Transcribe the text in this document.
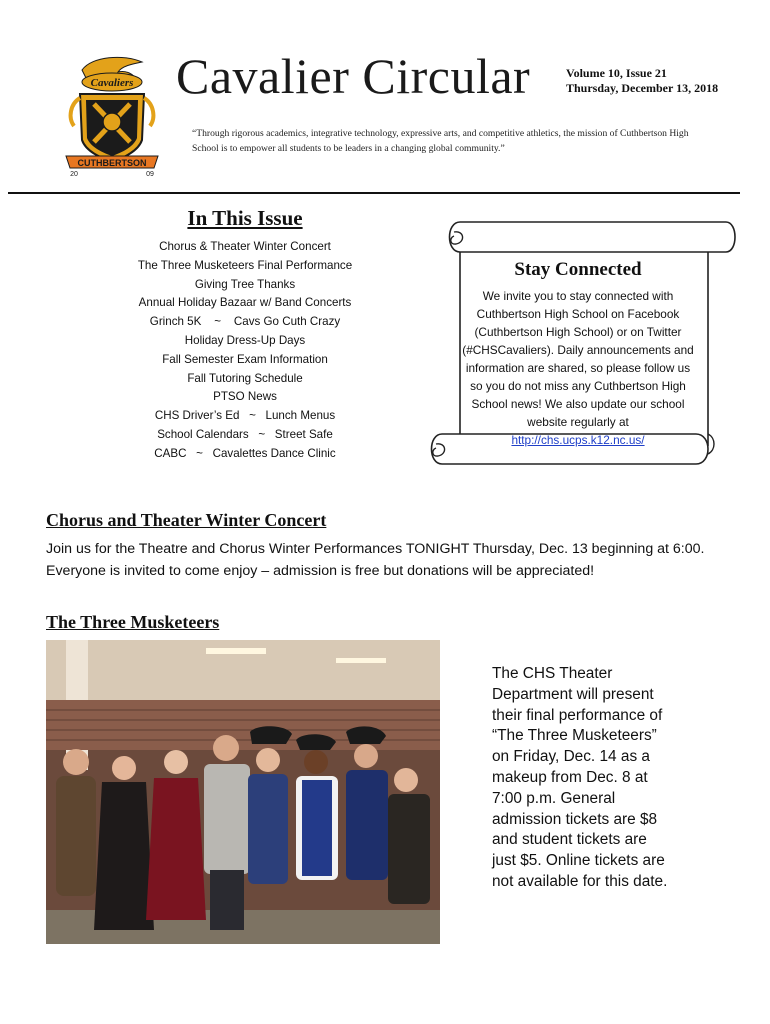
CUTHBERTSON
Cavaliers
20	09
Cavalier Circular	Volume 10, Issue 21
Thursday, December 13, 2018
“Through rigorous academics, integrative technology, expressive arts, and competitive athletics, the mission of Cuthbertson High School is to empower all students to be leaders in a changing global community.”
In This Issue
Chorus & Theater Winter Concert
The Three Musketeers Final Performance
Giving Tree Thanks
Annual Holiday Bazaar w/ Band Concerts
Grinch 5K    ~    Cavs Go Cuth Crazy
Holiday Dress-Up Days
Fall Semester Exam Information
Fall Tutoring Schedule
PTSO News
CHS Driver’s Ed   ~   Lunch Menus
School Calendars   ~   Street Safe
CABC   ~   Cavalettes Dance Clinic
Stay Connected
We invite you to stay connected with Cuthbertson High School on Facebook (Cuthbertson High School) or on Twitter (#CHSCavaliers). Daily announcements and information are shared, so please follow us so you do not miss any Cuthbertson High School news! We also update our school website regularly at http://chs.ucps.k12.nc.us/
Chorus and Theater Winter Concert
Join us for the Theatre and Chorus Winter Performances TONIGHT Thursday, Dec. 13 beginning at 6:00. Everyone is invited to come enjoy – admission is free but donations will be appreciated!
The Three Musketeers
The CHS Theater Department will present their final performance of “The Three Musketeers” on Friday, Dec. 14 as a makeup from Dec. 8 at 7:00 p.m. General admission tickets are $8 and student tickets are just $5. Online tickets are not available for this date.
